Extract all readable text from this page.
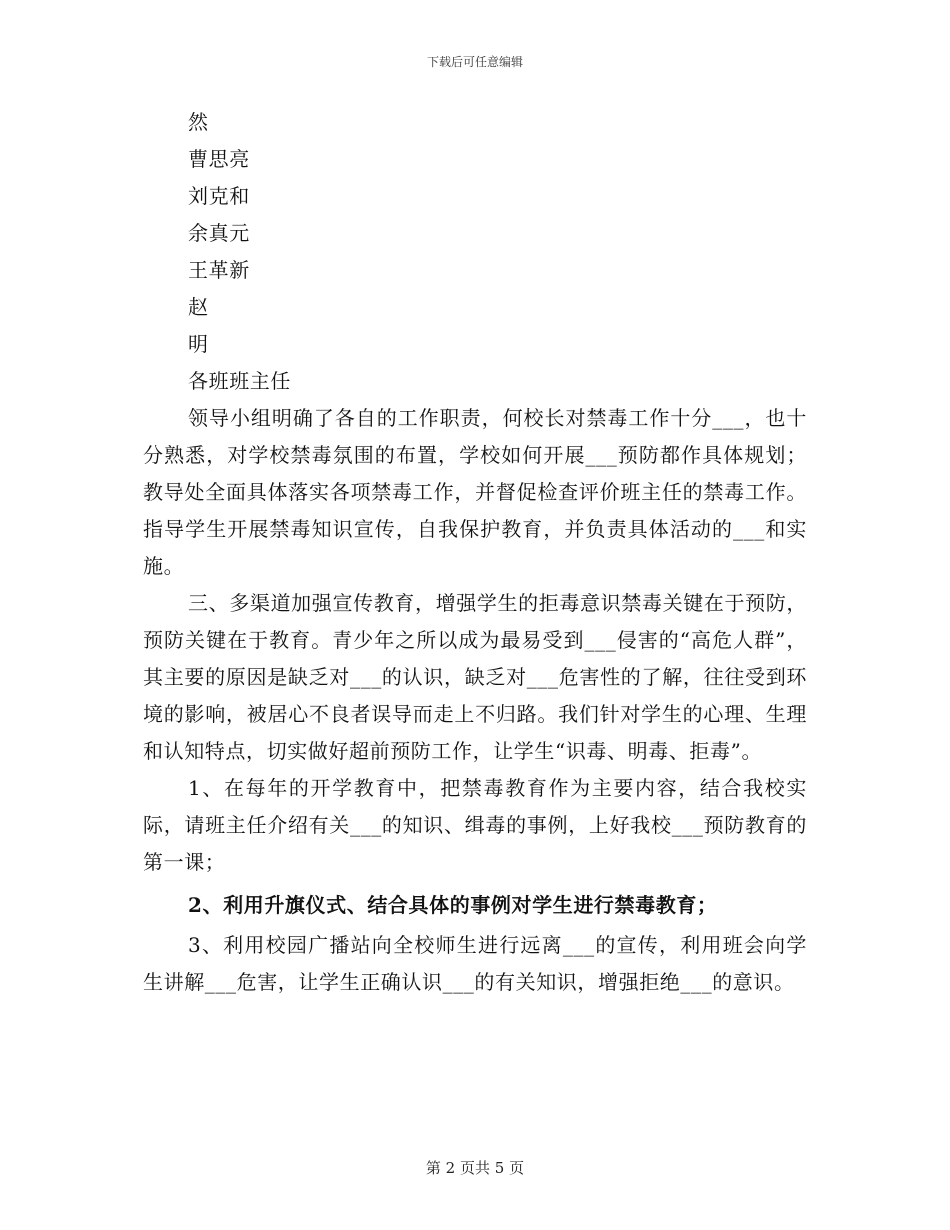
下载后可任意编辑
然
曹思亮
刘克和
余真元
王革新
赵
明
各班班主任

领导小组明确了各自的工作职责，何校长对禁毒工作十分___，也十分熟悉，对学校禁毒氛围的布置，学校如何开展___预防都作具体规划；教导处全面具体落实各项禁毒工作，并督促检查评价班主任的禁毒工作。指导学生开展禁毒知识宣传，自我保护教育，并负责具体活动的___和实施。

三、多渠道加强宣传教育，增强学生的拒毒意识禁毒关键在于预防，预防关键在于教育。青少年之所以成为最易受到___侵害的“高危人群”，其主要的原因是缺乏对___的认识，缺乏对___危害性的了解，往往受到环境的影响，被居心不良者误导而走上不归路。我们针对学生的心理、生理和认知特点，切实做好超前预防工作，让学生“识毒、明毒、拒毒”。

1、在每年的开学教育中，把禁毒教育作为主要内容，结合我校实际，请班主任介绍有关___的知识、缉毒的事例，上好我校___预防教育的第一课；

2、利用升旗仪式、结合具体的事例对学生进行禁毒教育；

3、利用校园广播站向全校师生进行远离___的宣传，利用班会向学生讲解___危害，让学生正确认识___的有关知识，增强拒绝___的意识。

第 2 页共 5 页
